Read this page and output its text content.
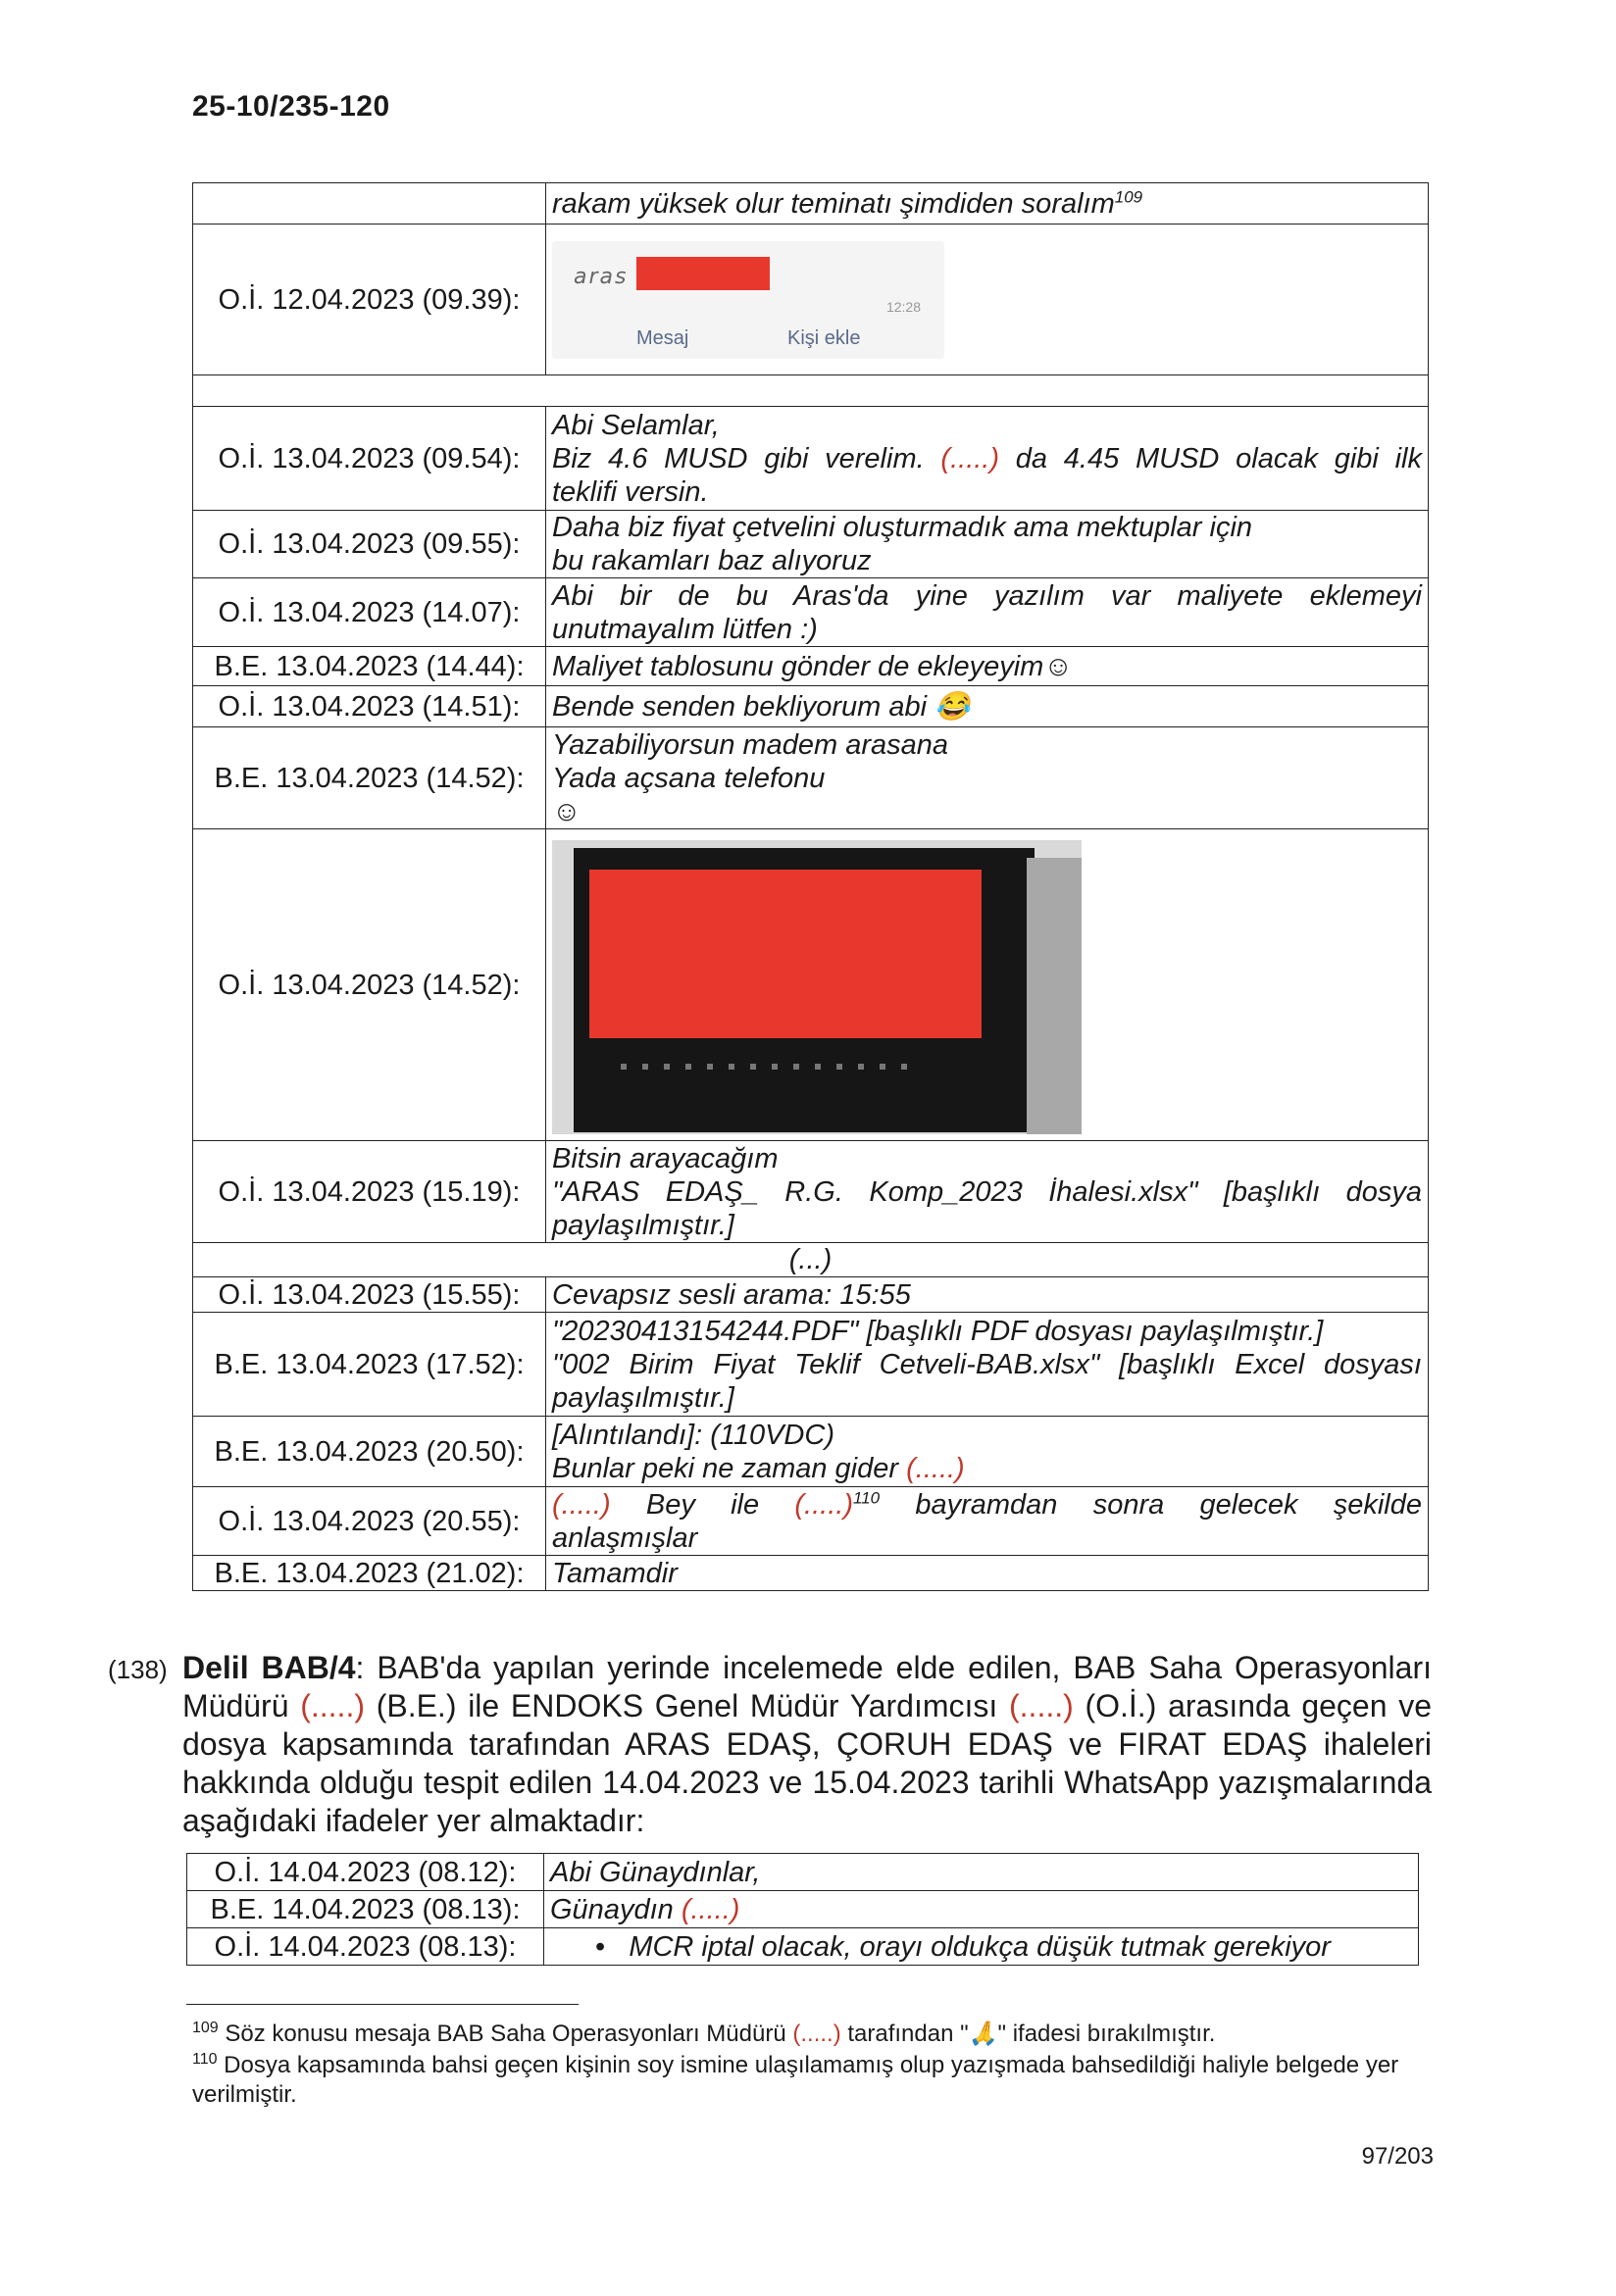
25-10/235-120
	rakam yüksek olur teminatı şimdiden soralım$^{109}$
O.İ. 12.04.2023 (09.39):	aras
12:28
Mesaj Kişi ekle

O.İ. 13.04.2023 (09.54):	Abi Selamlar,
Biz 4.6 MUSD gibi verelim. (.....) da 4.45 MUSD olacak gibi ilk
teklifi versin.

O.İ. 13.04.2023 (09.55):	Daha biz fiyat çetvelini oluşturmadık ama mektuplar için
bu rakamları baz alıyoruz

O.İ. 13.04.2023 (14.07):	Abi bir de bu Aras'da yine yazılım var maliyete eklemeyi
unutmayalım lütfen :)

B.E. 13.04.2023 (14.44):	Maliyet tablosunu gönder de ekleyeyim☺
O.İ. 13.04.2023 (14.51):	Bende senden bekliyorum abi 😂
B.E. 13.04.2023 (14.52):	Yazabiliyorsun madem arasana
Yada açsana telefonu
☺

O.İ. 13.04.2023 (14.52):	

O.İ. 13.04.2023 (15.19):	Bitsin arayacağım
"ARAS EDAŞ_ R.G. Komp_2023 İhalesi.xlsx" [başlıklı dosya
paylaşılmıştır.]

(...)	
O.İ. 13.04.2023 (15.55):	Cevapsız sesli arama: 15:55
B.E. 13.04.2023 (17.52):	"20230413154244.PDF" [başlıklı PDF dosyası paylaşılmıştır.]
"002 Birim Fiyat Teklif Cetveli-BAB.xlsx" [başlıklı Excel dosyası
paylaşılmıştır.]

B.E. 13.04.2023 (20.50):	[Alıntılandı]: (110VDC)
Bunlar peki ne zaman gider (.....)

O.İ. 13.04.2023 (20.55):	(.....) Bey ile (.....)$^{110}$ bayramdan sonra gelecek şekilde
anlaşmışlar

B.E. 13.04.2023 (21.02):	Tamamdir
(138) Delil BAB/4: BAB'da yapılan yerinde incelemede elde edilen, BAB Saha Operasyonları Müdürü (.....) (B.E.) ile ENDOKS Genel Müdür Yardımcısı (.....) (O.İ.) arasında geçen ve dosya kapsamında tarafından ARAS EDAŞ, ÇORUH EDAŞ ve FIRAT EDAŞ ihaleleri hakkında olduğu tespit edilen 14.04.2023 ve 15.04.2023 tarihli WhatsApp yazışmalarında aşağıdaki ifadeler yer almaktadır:
O.İ. 14.04.2023 (08.12):	Abi Günaydınlar,
B.E. 14.04.2023 (08.13):	Günaydın (.....)
O.İ. 14.04.2023 (08.13):	•   MCR iptal olacak, orayı oldukça düşük tutmak gerekiyor
$^{109}$ Söz konusu mesaja BAB Saha Operasyonları Müdürü (.....) tarafından "🙏" ifadesi bırakılmıştır.
$^{110}$ Dosya kapsamında bahsi geçen kişinin soy ismine ulaşılamamış olup yazışmada bahsedildiği haliyle belgede yer verilmiştir.
97/203
